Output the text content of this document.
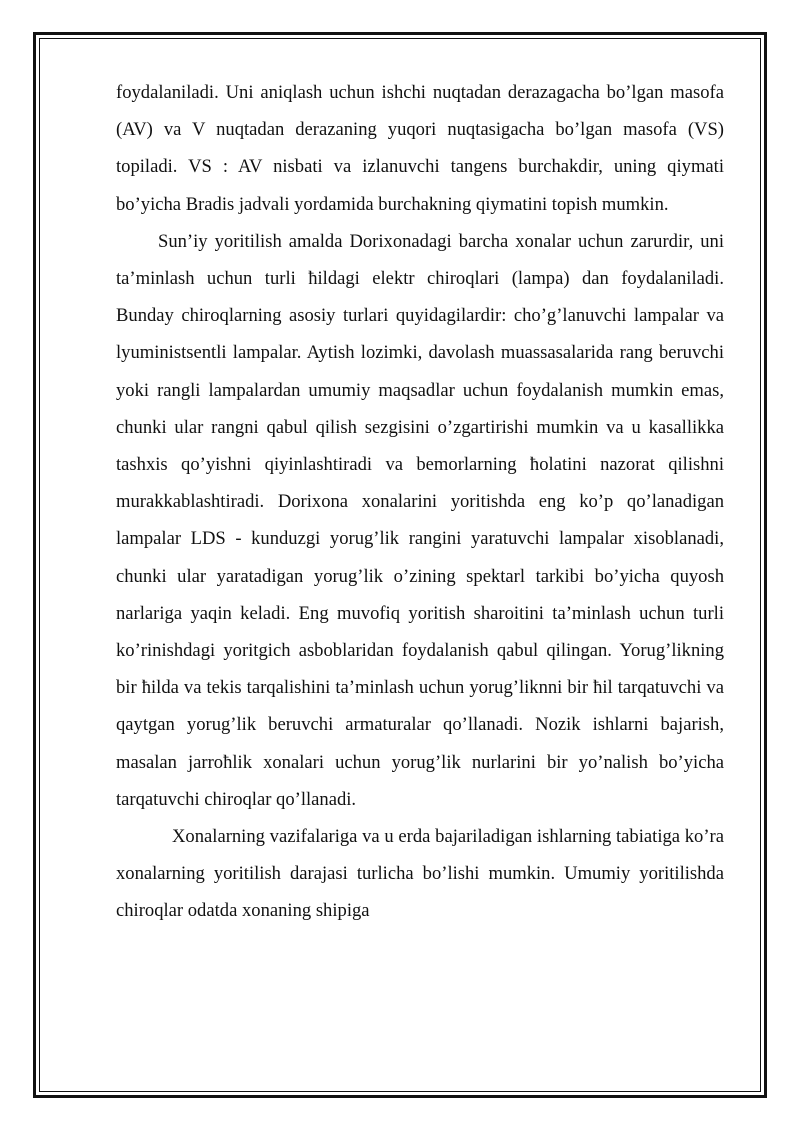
foydalaniladi. Uni aniqlash uchun ishchi nuqtadan derazagacha bo’lgan masofa (AV) va V nuqtadan derazaning yuqori nuqtasigacha bo’lgan masofa (VS) topiladi. VS : AV nisbati va izlanuvchi tangens burchakdir, uning qiymati bo’yicha Bradis jadvali yordamida burchakning qiymatini topish mumkin.

Sun’iy yoritilish amalda Dorixonadagi barcha xonalar uchun zarurdir, uni ta’minlash uchun turli ħildagi elektr chiroqlari (lampa) dan foydalaniladi. Bunday chiroqlarning asosiy turlari quyidagilardir: cho’g’lanuvchi lampalar va lyuministsentli lampalar. Aytish lozimki, davolash muassasalarida rang beruvchi yoki rangli lampalardan umumiy maqsadlar uchun foydalanish mumkin emas, chunki ular rangni qabul qilish sezgisini o’zgartirishi mumkin va u kasallikka tashxis qo’yishni qiyinlashtiradi va bemorlarning ħolatini nazorat qilishni murakkablashtiradi. Dorixona xonalarini yoritishda eng ko’p qo’lanadigan lampalar LDS - kunduzgi yorug’lik rangini yaratuvchi lampalar xisoblanadi, chunki ular yaratadigan yorug’lik o’zining spektarl tarkibi bo’yicha quyosh narlariga yaqin keladi. Eng muvofiq yoritish sharoitini ta’minlash uchun turli ko’rinishdagi yoritgich asboblaridan foydalanish qabul qilingan. Yorug’likning bir ħilda va tekis tarqalishini ta’minlash uchun yorug’liknni bir ħil tarqatuvchi va qaytgan yorug’lik beruvchi armaturalar qo’llanadi. Nozik ishlarni bajarish, masalan jarroħlik xonalari uchun yorug’lik nurlarini bir yo’nalish bo’yicha tarqatuvchi chiroqlar qo’llanadi.

Xonalarning vazifalariga va u erda bajariladigan ishlarning tabiatiga ko’ra xonalarning yoritilish darajasi turlicha bo’lishi mumkin. Umumiy yoritilishda chiroqlar odatda xonaning shipiga
